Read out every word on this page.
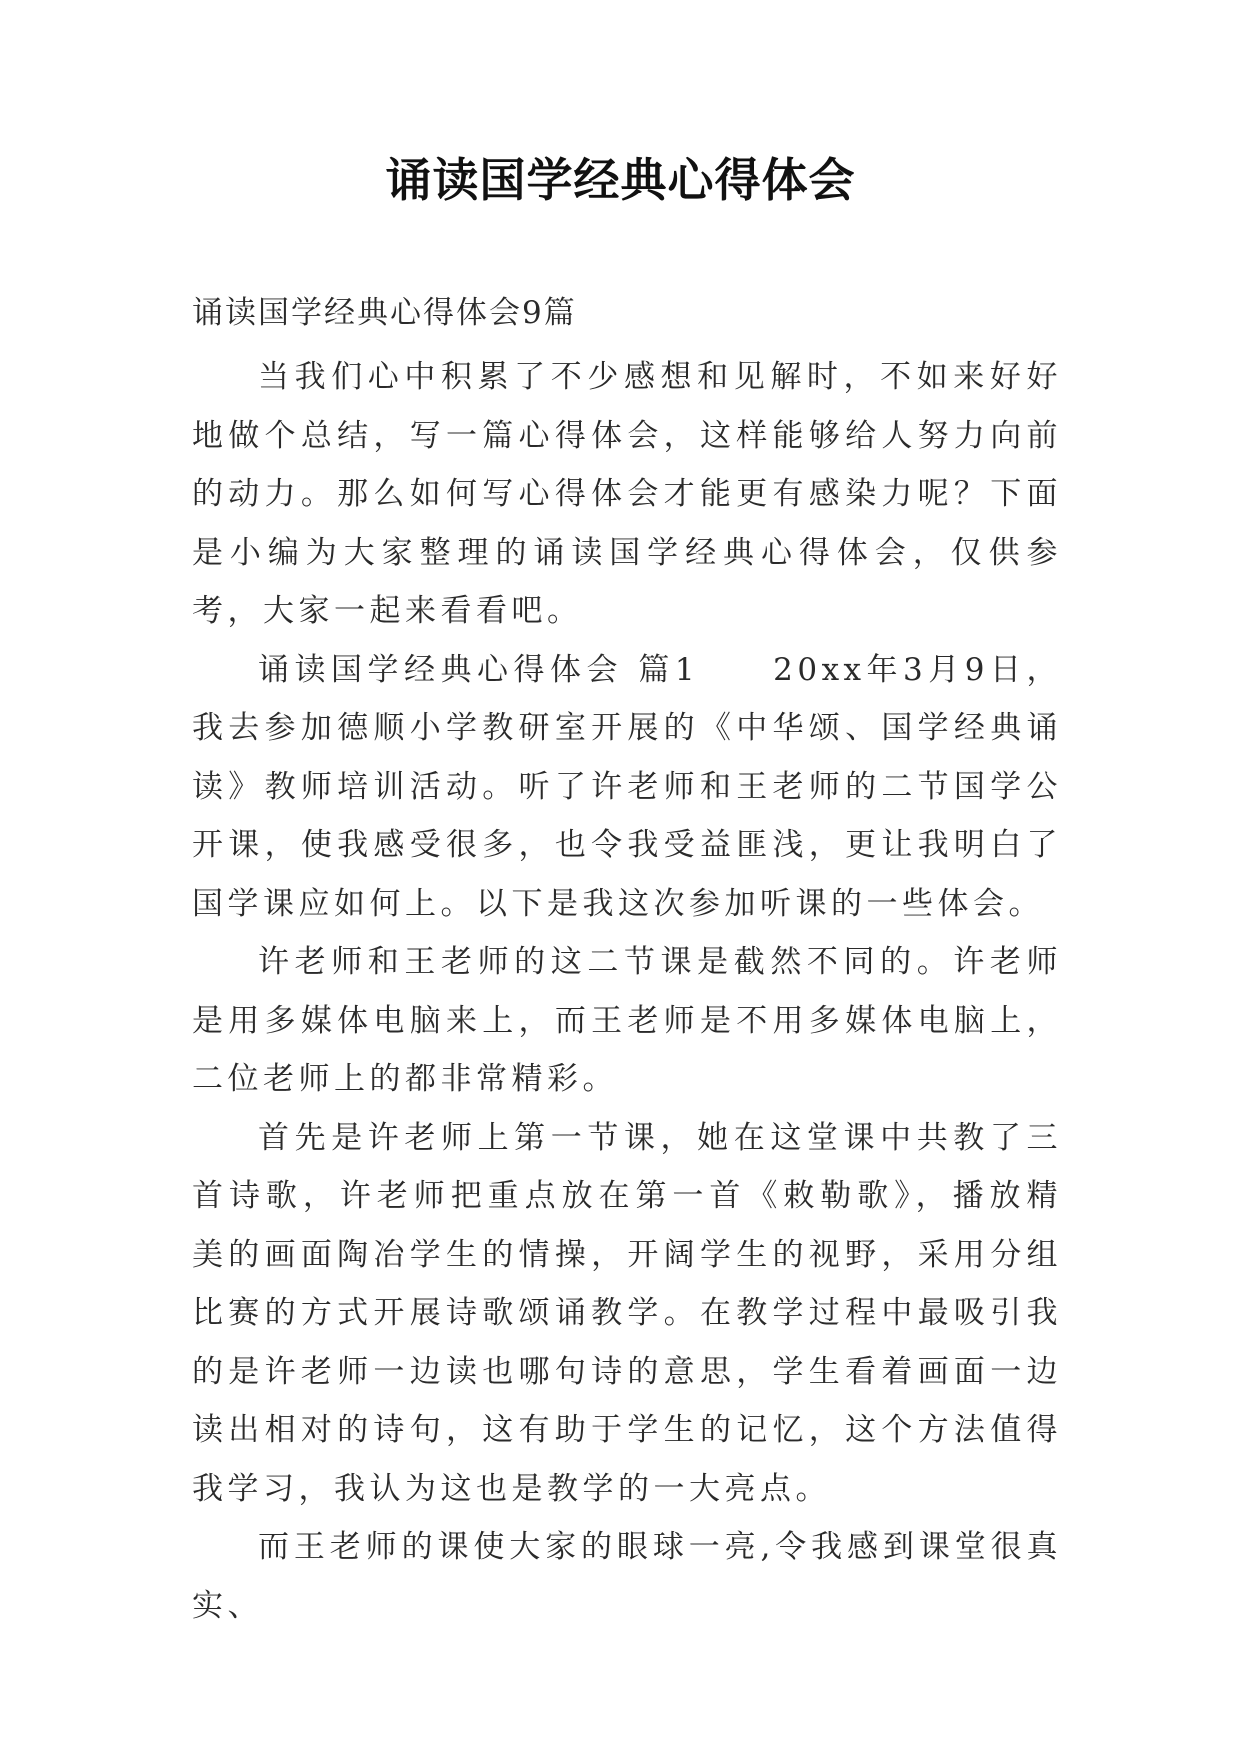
诵读国学经典心得体会

诵读国学经典心得体会9篇

当我们心中积累了不少感想和见解时，不如来好好地做个总结，写一篇心得体会，这样能够给人努力向前的动力。那么如何写心得体会才能更有感染力呢？下面是小编为大家整理的诵读国学经典心得体会，仅供参考，大家一起来看看吧。

诵读国学经典心得体会 篇1　　20xx年3月9日，我去参加德顺小学教研室开展的《中华颂、国学经典诵读》教师培训活动。听了许老师和王老师的二节国学公开课，使我感受很多，也令我受益匪浅，更让我明白了国学课应如何上。以下是我这次参加听课的一些体会。

许老师和王老师的这二节课是截然不同的。许老师是用多媒体电脑来上，而王老师是不用多媒体电脑上，二位老师上的都非常精彩。

首先是许老师上第一节课，她在这堂课中共教了三首诗歌，许老师把重点放在第一首《敕勒歌》，播放精美的画面陶冶学生的情操，开阔学生的视野，采用分组比赛的方式开展诗歌颂诵教学。在教学过程中最吸引我的是许老师一边读也哪句诗的意思，学生看着画面一边读出相对的诗句，这有助于学生的记忆，这个方法值得我学习，我认为这也是教学的一大亮点。

而王老师的课使大家的眼球一亮,令我感到课堂很真实、
